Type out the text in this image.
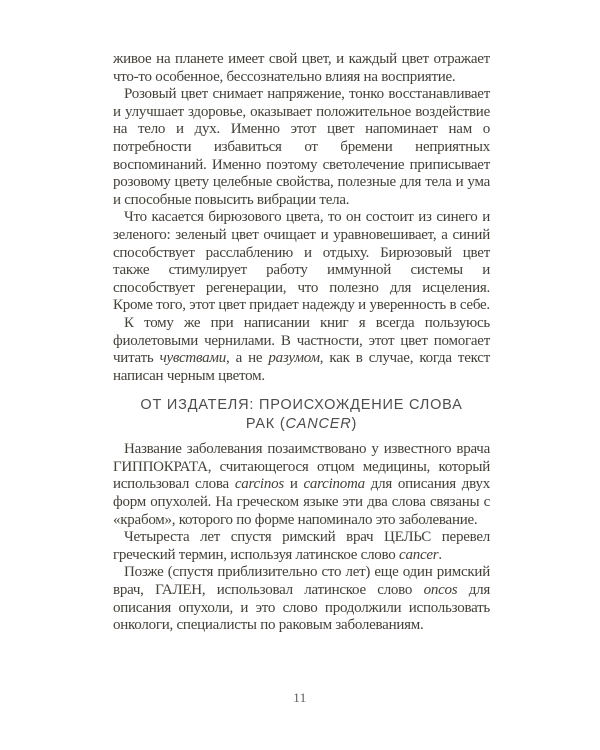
живое на планете имеет свой цвет, и каждый цвет отражает что-то особенное, бессознательно влияя на восприятие.

Розовый цвет снимает напряжение, тонко восстанавливает и улучшает здоровье, оказывает положительное воздействие на тело и дух. Именно этот цвет напоминает нам о потребности избавиться от бремени неприятных воспоминаний. Именно поэтому светолечение приписывает розовому цвету целебные свойства, полезные для тела и ума и способные повысить вибрации тела.

Что касается бирюзового цвета, то он состоит из синего и зеленого: зеленый цвет очищает и уравновешивает, а синий способствует расслаблению и отдыху. Бирюзовый цвет также стимулирует работу иммунной системы и способствует регенерации, что полезно для исцеления. Кроме того, этот цвет придает надежду и уверенность в себе.

К тому же при написании книг я всегда пользуюсь фиолетовыми чернилами. В частности, этот цвет помогает читать чувствами, а не разумом, как в случае, когда текст написан черным цветом.

ОТ ИЗДАТЕЛЯ: ПРОИСХОЖДЕНИЕ СЛОВА
РАК (CANCER)

Название заболевания позаимствовано у известного врача ГИППОКРАТА, считающегося отцом медицины, который использовал слова carcinos и carcinoma для описания двух форм опухолей. На греческом языке эти два слова связаны с «крабом», которого по форме напоминало это заболевание.

Четыреста лет спустя римский врач ЦЕЛЬС перевел греческий термин, используя латинское слово cancer.

Позже (спустя приблизительно сто лет) еще один римский врач, ГАЛЕН, использовал латинское слово oncos для описания опухоли, и это слово продолжили использовать онкологи, специалисты по раковым заболеваниям.

11
